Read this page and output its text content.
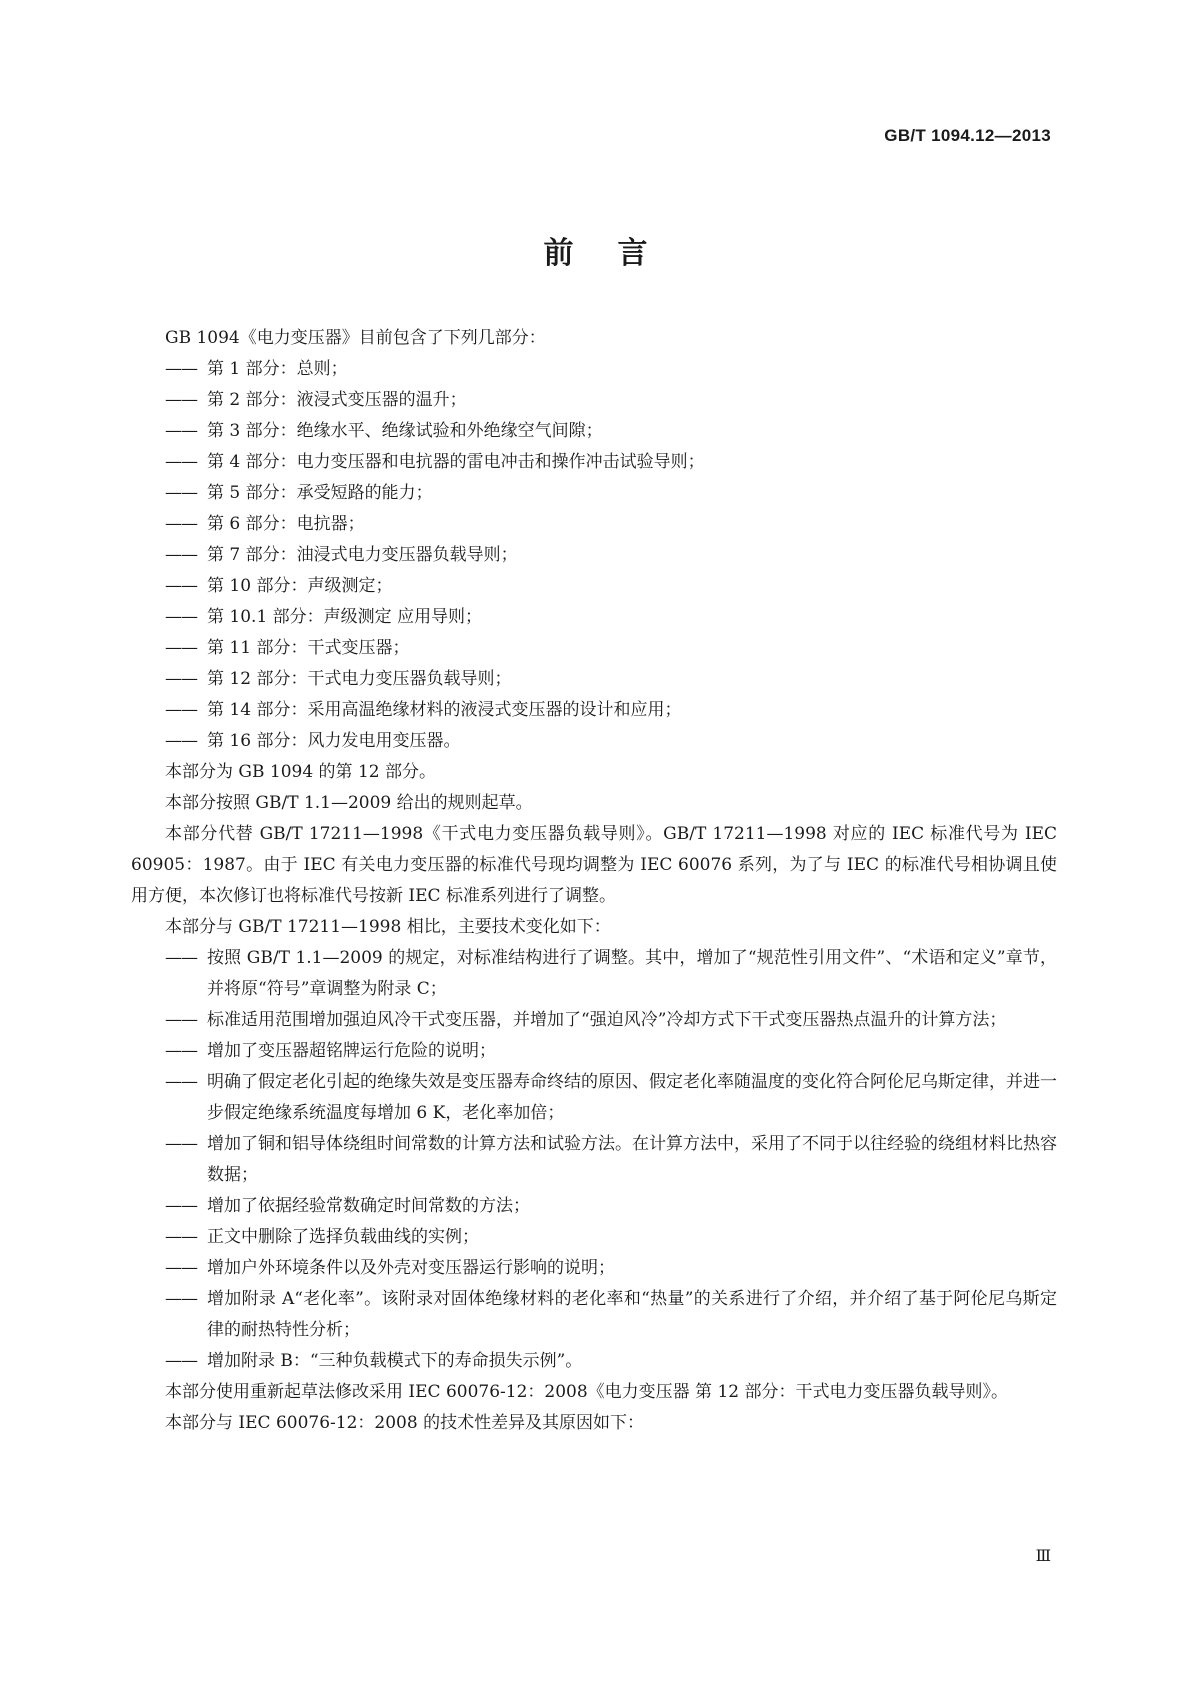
GB/T 1094.12—2013
前言

GB 1094《电力变压器》目前包含了下列几部分：

—— 第 1 部分：总则；

—— 第 2 部分：液浸式变压器的温升；

—— 第 3 部分：绝缘水平、绝缘试验和外绝缘空气间隙；

—— 第 4 部分：电力变压器和电抗器的雷电冲击和操作冲击试验导则；

—— 第 5 部分：承受短路的能力；

—— 第 6 部分：电抗器；

—— 第 7 部分：油浸式电力变压器负载导则；

—— 第 10 部分：声级测定；

—— 第 10.1 部分：声级测定 应用导则；

—— 第 11 部分：干式变压器；

—— 第 12 部分：干式电力变压器负载导则；

—— 第 14 部分：采用高温绝缘材料的液浸式变压器的设计和应用；

—— 第 16 部分：风力发电用变压器。

本部分为 GB 1094 的第 12 部分。

本部分按照 GB/T 1.1—2009 给出的规则起草。

本部分代替 GB/T 17211—1998《干式电力变压器负载导则》。GB/T 17211—1998 对应的 IEC 标准代号为 IEC 60905：1987。由于 IEC 有关电力变压器的标准代号现均调整为 IEC 60076 系列，为了与 IEC 的标准代号相协调且使用方便，本次修订也将标准代号按新 IEC 标准系列进行了调整。

本部分与 GB/T 17211—1998 相比，主要技术变化如下：

—— 按照 GB/T 1.1—2009 的规定，对标准结构进行了调整。其中，增加了“规范性引用文件”、“术语和定义”章节，并将原“符号”章调整为附录 C；

—— 标准适用范围增加强迫风冷干式变压器，并增加了“强迫风冷”冷却方式下干式变压器热点温升的计算方法；

—— 增加了变压器超铭牌运行危险的说明；

—— 明确了假定老化引起的绝缘失效是变压器寿命终结的原因、假定老化率随温度的变化符合阿伦尼乌斯定律，并进一步假定绝缘系统温度每增加 6 K，老化率加倍；

—— 增加了铜和铝导体绕组时间常数的计算方法和试验方法。在计算方法中，采用了不同于以往经验的绕组材料比热容数据；

—— 增加了依据经验常数确定时间常数的方法；

—— 正文中删除了选择负载曲线的实例；

—— 增加户外环境条件以及外壳对变压器运行影响的说明；

—— 增加附录 A“老化率”。该附录对固体绝缘材料的老化率和“热量”的关系进行了介绍，并介绍了基于阿伦尼乌斯定律的耐热特性分析；

—— 增加附录 B：“三种负载模式下的寿命损失示例”。

本部分使用重新起草法修改采用 IEC 60076-12：2008《电力变压器 第 12 部分：干式电力变压器负载导则》。

本部分与 IEC 60076-12：2008 的技术性差异及其原因如下：

Ⅲ
